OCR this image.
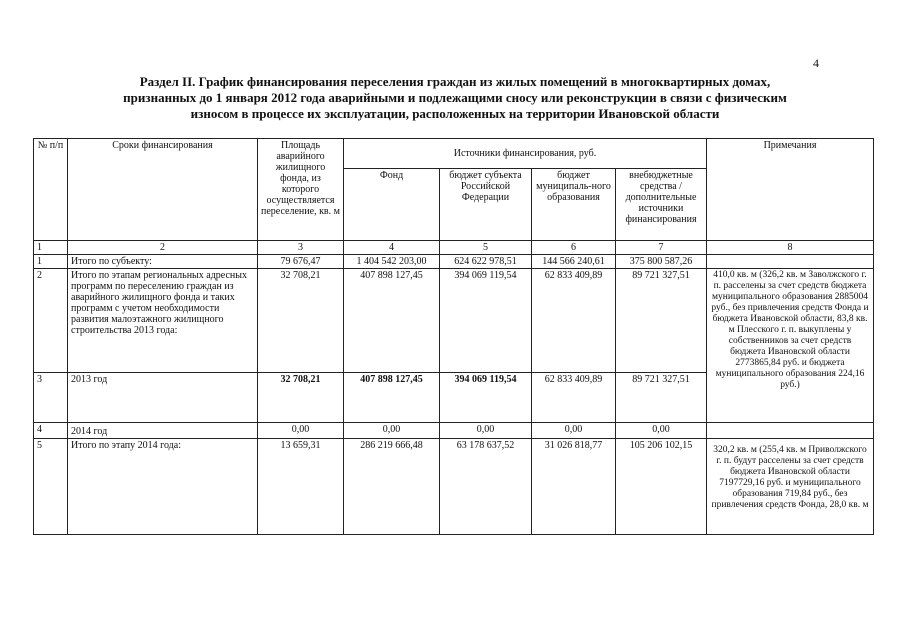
4
Раздел II. График финансирования переселения граждан из жилых помещений в многоквартирных домах,
признанных до 1 января 2012 года аварийными и подлежащими сносу или реконструкции в связи с физическим
износом в процессе их эксплуатации, расположенных на территории Ивановской области
№ п/п	Сроки финансирования	Площадь аварийного жилищного фонда, из которого осуществляется переселение, кв. м	Источники финансирования, руб.				Примечания
			Фонд	бюджет субъекта Российской Федерации	бюджет муниципаль-ного образования	внебюджетные средства / дополнительные источники финансирования	
1	2	3	4	5	6	7	8
1	Итого по субъекту:	79 676,47	1 404 542 203,00	624 622 978,51	144 566 240,61	375 800 587,26	
2	Итого по этапам региональных адресных программ по переселению граждан из аварийного жилищного фонда и таких программ с учетом необходимости развития малоэтажного жилищного строительства 2013 года:	32 708,21	407 898 127,45	394 069 119,54	62 833 409,89	89 721 327,51	410,0 кв. м (326,2 кв. м Заволжского г. п. расселены за счет средств бюджета муниципального образования 2885004 руб., без привлечения средств Фонда и бюджета Ивановской области, 83,8 кв. м Плесского г. п. выкуплены у собственников за счет средств бюджета Ивановской области 2773865,84 руб. и бюджета муниципального образования 224,16 руб.)
3	2013 год	32 708,21	407 898 127,45	394 069 119,54	62 833 409,89	89 721 327,51	
4	2014 год	0,00	0,00	0,00	0,00	0,00	
5	Итого по этапу 2014 года:	13 659,31	286 219 666,48	63 178 637,52	31 026 818,77	105 206 102,15	320,2 кв. м (255,4 кв. м Приволжского г. п. будут расселены за счет средств бюджета Ивановской области 7197729,16 руб. и муниципального образования 719,84 руб., без привлечения средств Фонда, 28,0 кв. м
